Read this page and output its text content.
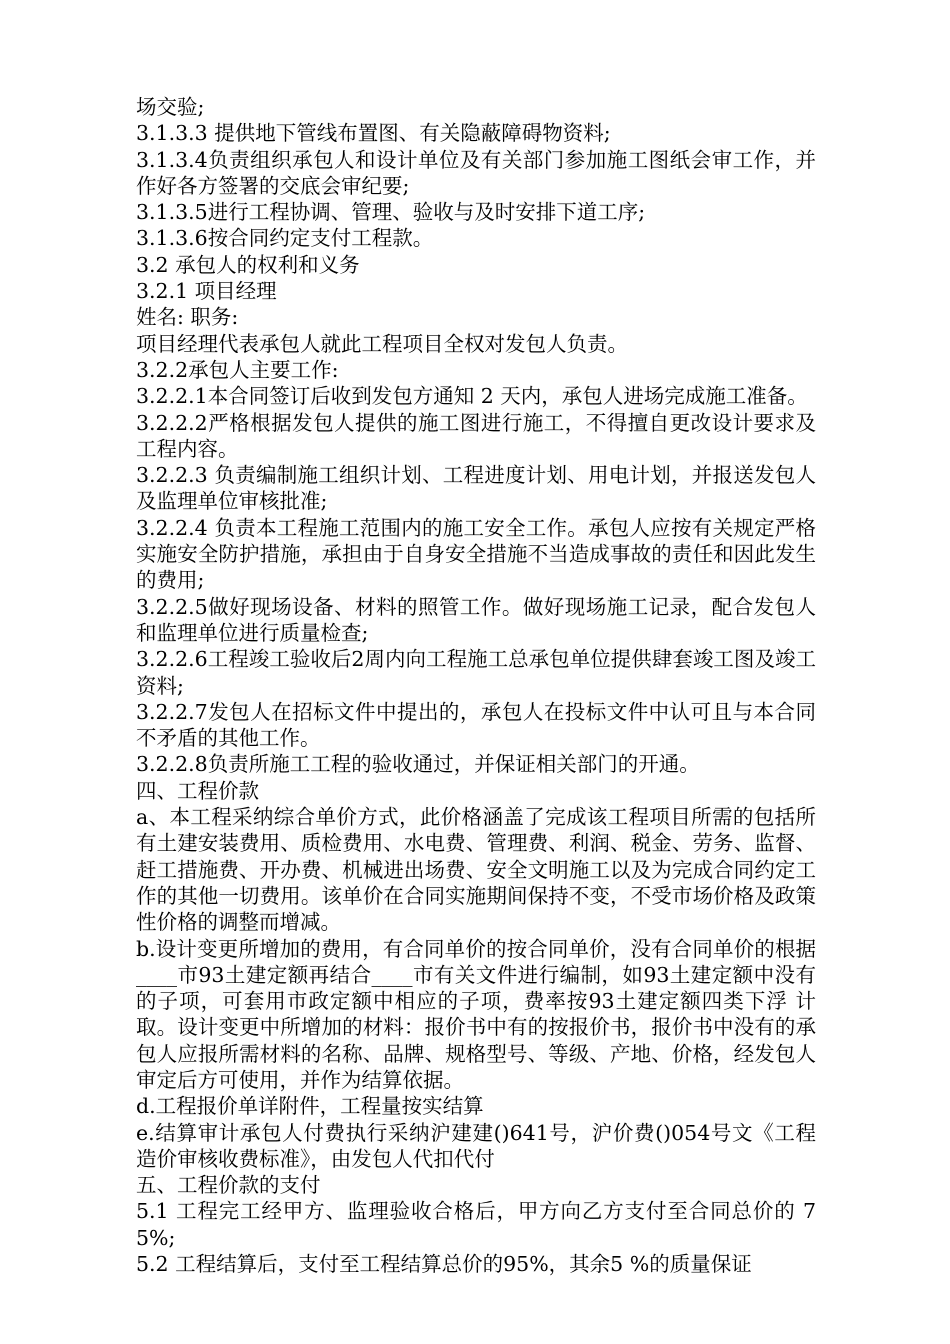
场交验;

3.1.3.3 提供地下管线布置图、有关隐蔽障碍物资料;

3.1.3.4负责组织承包人和设计单位及有关部门参加施工图纸会审工作，并作好各方签署的交底会审纪要;

3.1.3.5进行工程协调、管理、验收与及时安排下道工序;

3.1.3.6按合同约定支付工程款。

3.2 承包人的权利和义务

3.2.1 项目经理

姓名: 职务:

项目经理代表承包人就此工程项目全权对发包人负责。

3.2.2承包人主要工作:

3.2.2.1本合同签订后收到发包方通知 2 天内，承包人进场完成施工准备。

3.2.2.2严格根据发包人提供的施工图进行施工，不得擅自更改设计要求及工程内容。

3.2.2.3 负责编制施工组织计划、工程进度计划、用电计划，并报送发包人及监理单位审核批准;

3.2.2.4 负责本工程施工范围内的施工安全工作。承包人应按有关规定严格实施安全防护措施，承担由于自身安全措施不当造成事故的责任和因此发生的费用;

3.2.2.5做好现场设备、材料的照管工作。做好现场施工记录，配合发包人和监理单位进行质量检查;

3.2.2.6工程竣工验收后2周内向工程施工总承包单位提供肆套竣工图及竣工资料;

3.2.2.7发包人在招标文件中提出的，承包人在投标文件中认可且与本合同不矛盾的其他工作。

3.2.2.8负责所施工工程的验收通过，并保证相关部门的开通。

四、工程价款

a、本工程采纳综合单价方式，此价格涵盖了完成该工程项目所需的包括所有土建安装费用、质检费用、水电费、管理费、利润、税金、劳务、监督、赶工措施费、开办费、机械进出场费、安全文明施工以及为完成合同约定工作的其他一切费用。该单价在合同实施期间保持不变，不受市场价格及政策性价格的调整而增减。

b.设计变更所增加的费用，有合同单价的按合同单价，没有合同单价的根据____市93土建定额再结合____市有关文件进行编制，如93土建定额中没有的子项，可套用市政定额中相应的子项，费率按93土建定额四类下浮 计取。设计变更中所增加的材料：报价书中有的按报价书，报价书中没有的承包人应报所需材料的名称、品牌、规格型号、等级、产地、价格，经发包人审定后方可使用，并作为结算依据。

d.工程报价单详附件，工程量按实结算

e.结算审计承包人付费执行采纳沪建建()641号，沪价费()054号文《工程造价审核收费标准》，由发包人代扣代付

五、工程价款的支付

5.1 工程完工经甲方、监理验收合格后，甲方向乙方支付至合同总价的 75%;

5.2 工程结算后，支付至工程结算总价的95%，其余5 %的质量保证
